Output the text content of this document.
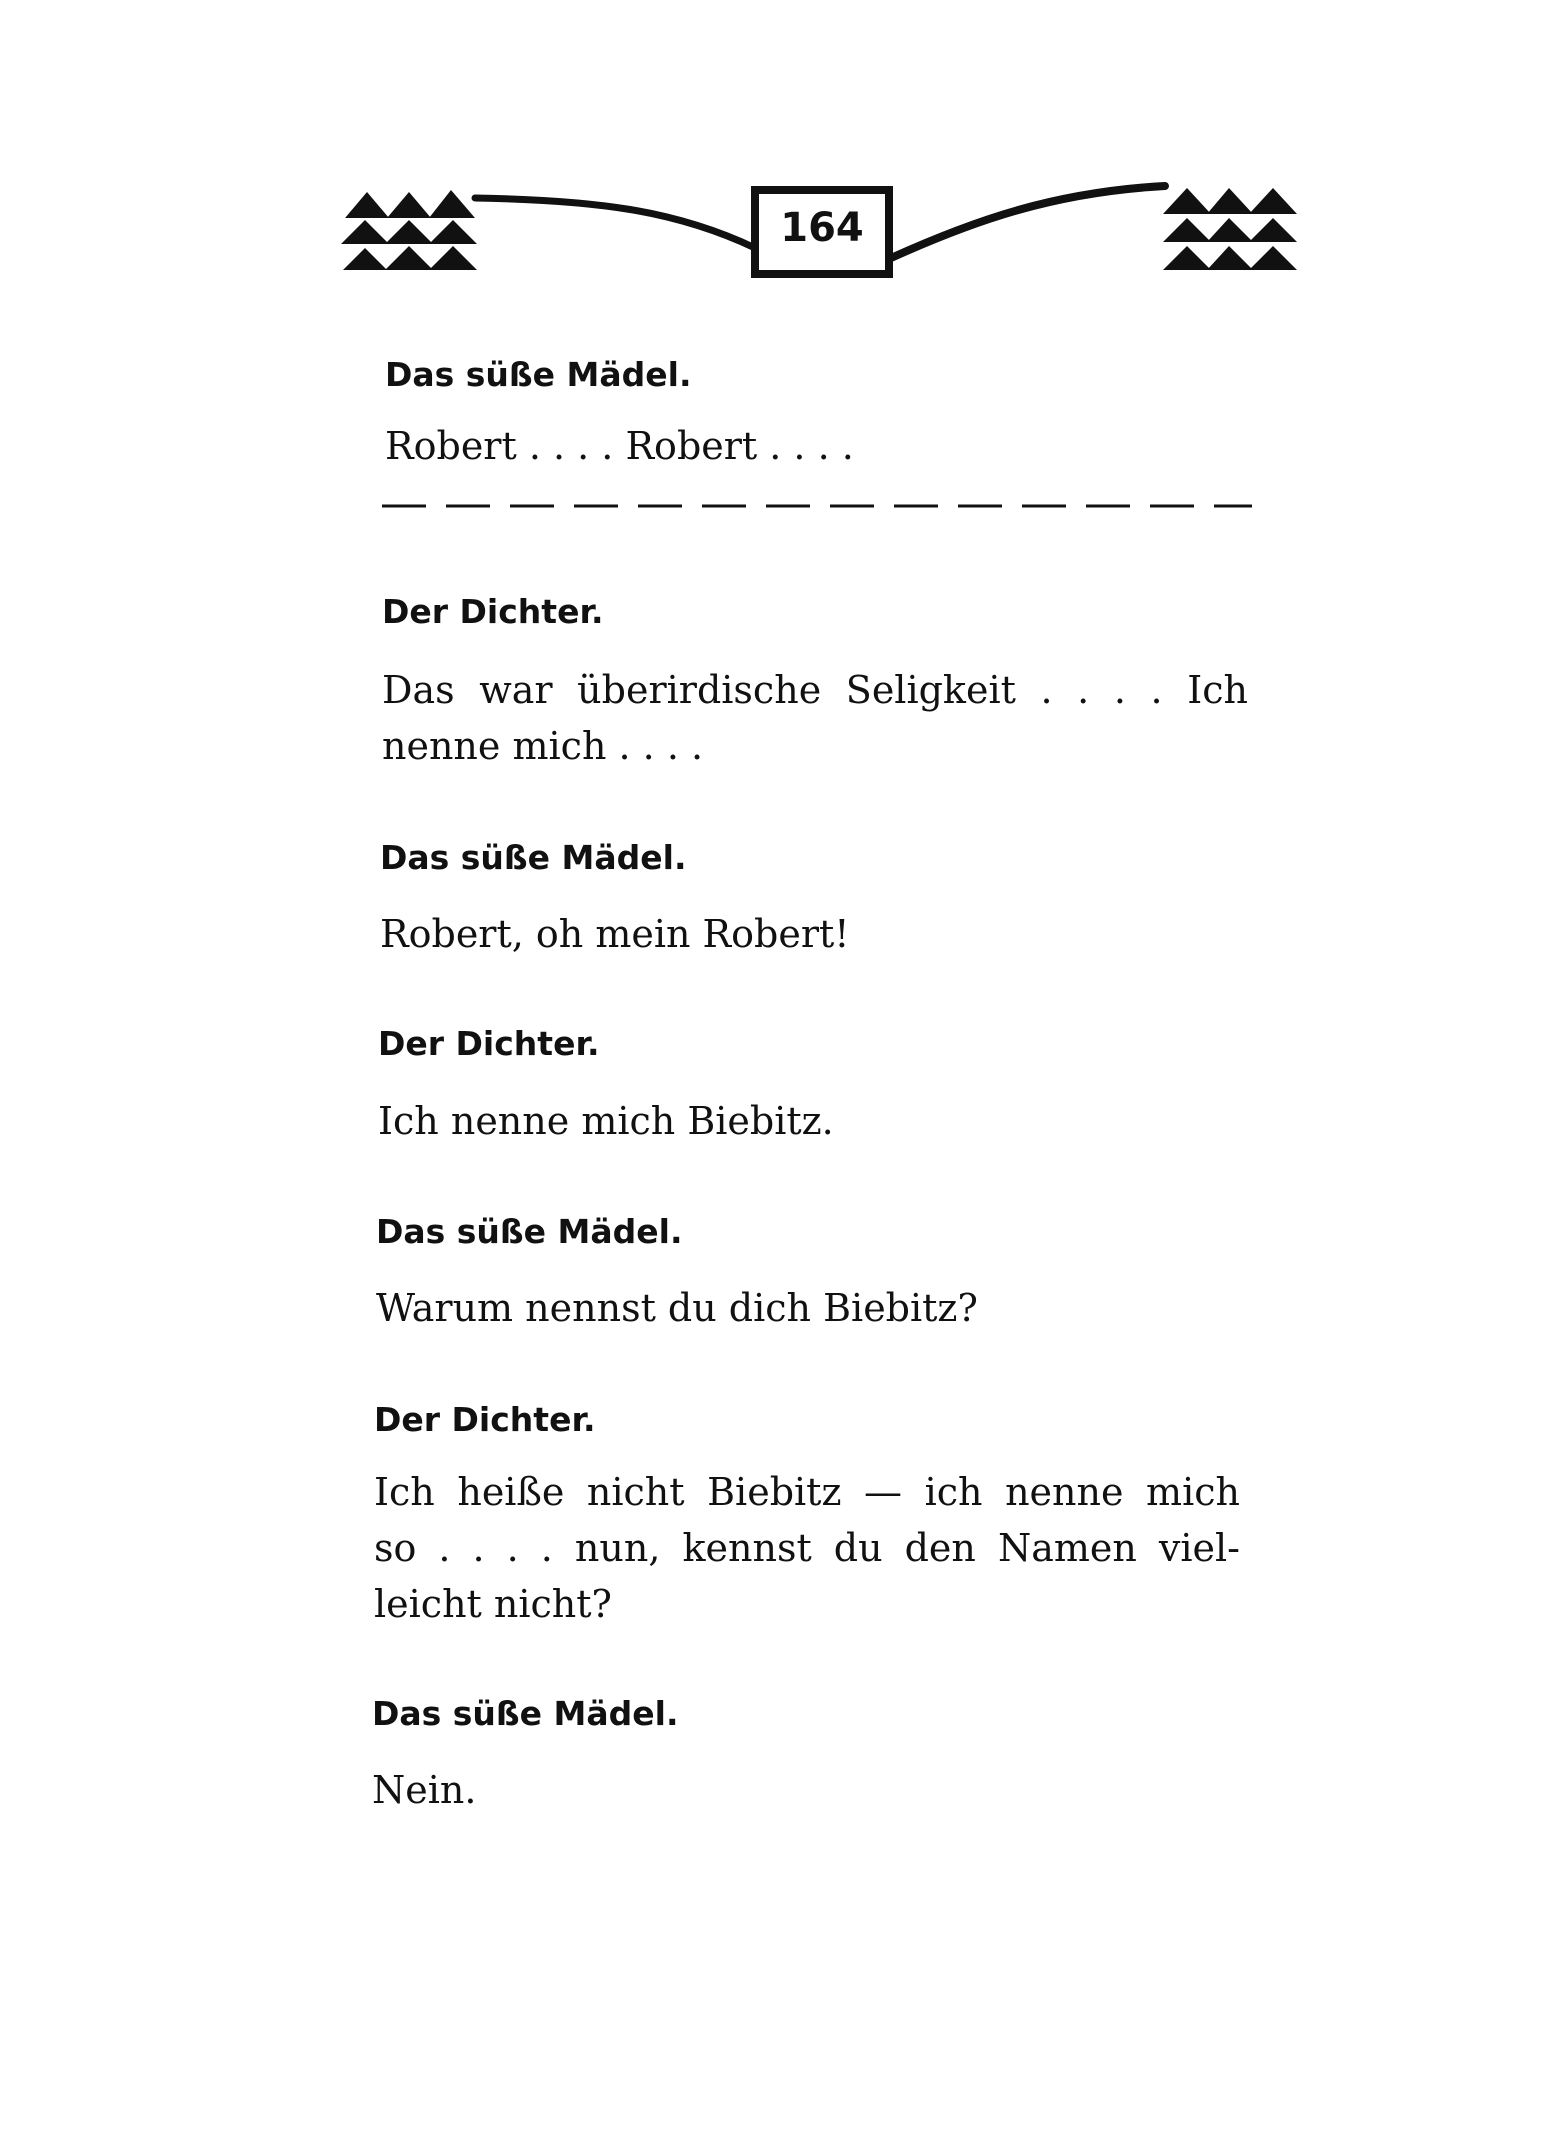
164
Das süße Mädel.
Robert . . . . Robert . . . .
Der Dichter.
Das war überirdische Seligkeit . . . . Ich
nenne mich . . . .
Das süße Mädel.
Robert, oh mein Robert!
Der Dichter.
Ich nenne mich Biebitz.
Das süße Mädel.
Warum nennst du dich Biebitz?
Der Dichter.
Ich heiße nicht Biebitz — ich nenne mich
so . . . . nun, kennst du den Namen viel-
leicht nicht?
Das süße Mädel.
Nein.
